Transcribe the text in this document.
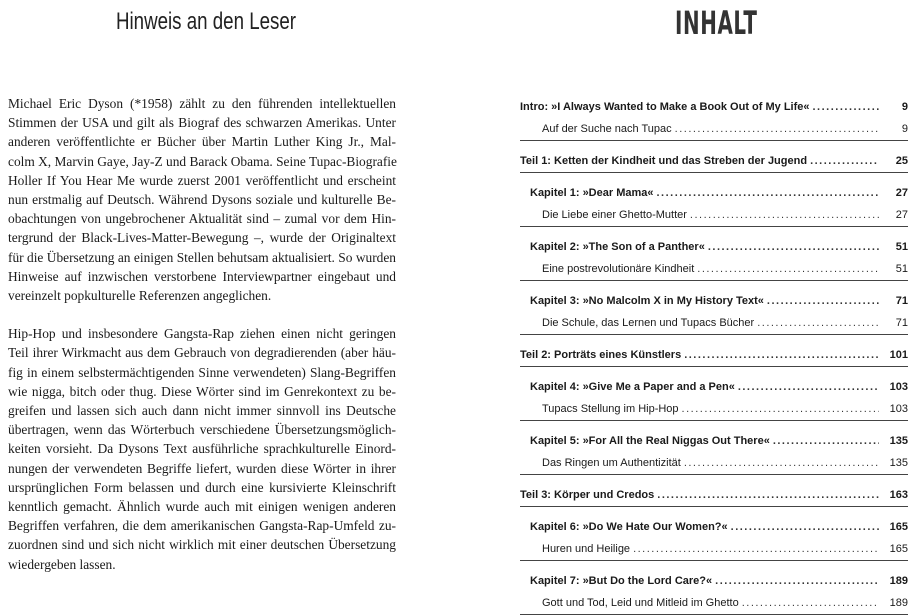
Hinweis an den Leser

Michael Eric Dyson (*1958) zählt zu den führenden intellektuellen
Stimmen der USA und gilt als Biograf des schwarzen Amerikas. Unter
anderen veröffentlichte er Bücher über Martin Luther King Jr., Mal-
colm X, Marvin Gaye, Jay-Z und Barack Obama. Seine Tupac-Biografie
Holler If You Hear Me wurde zuerst 2001 veröffentlicht und erscheint
nun erstmalig auf Deutsch. Während Dysons soziale und kulturelle Be-
obachtungen von ungebrochener Aktualität sind – zumal vor dem Hin-
tergrund der Black-Lives-Matter-Bewegung –, wurde der Originaltext
für die Übersetzung an einigen Stellen behutsam aktualisiert. So wurden
Hinweise auf inzwischen verstorbene Interviewpartner eingebaut und
vereinzelt popkulturelle Referenzen angeglichen.

Hip-Hop und insbesondere Gangsta-Rap ziehen einen nicht geringen
Teil ihrer Wirkmacht aus dem Gebrauch von degradierenden (aber häu-
fig in einem selbstermächtigenden Sinne verwendeten) Slang-Begriffen
wie nigga, bitch oder thug. Diese Wörter sind im Genrekontext zu be-
greifen und lassen sich auch dann nicht immer sinnvoll ins Deutsche
übertragen, wenn das Wörterbuch verschiedene Übersetzungsmöglich-
keiten vorsieht. Da Dysons Text ausführliche sprachkulturelle Einord-
nungen der verwendeten Begriffe liefert, wurden diese Wörter in ihrer
ursprünglichen Form belassen und durch eine kursivierte Kleinschrift
kenntlich gemacht. Ähnlich wurde auch mit einigen wenigen anderen
Begriffen verfahren, die dem amerikanischen Gangsta-Rap-Umfeld zu-
zuordnen sind und sich nicht wirklich mit einer deutschen Übersetzung
wiedergeben lassen.

INHALT
Intro: »I Always Wanted to Make a Book Out of My Life« .....	9
Auf der Suche nach Tupac .....	9
Teil 1: Ketten der Kindheit und das Streben der Jugend .....	25
Kapitel 1: »Dear Mama« .....	27
Die Liebe einer Ghetto-Mutter .....	27
Kapitel 2: »The Son of a Panther« .....	51
Eine postrevolutionäre Kindheit .....	51
Kapitel 3: »No Malcolm X in My History Text« .....	71
Die Schule, das Lernen und Tupacs Bücher .....	71
Teil 2: Porträts eines Künstlers .....	101
Kapitel 4: »Give Me a Paper and a Pen« .....	103
Tupacs Stellung im Hip-Hop .....	103
Kapitel 5: »For All the Real Niggas Out There« .....	135
Das Ringen um Authentizität .....	135
Teil 3: Körper und Credos .....	163
Kapitel 6: »Do We Hate Our Women?« .....	165
Huren und Heilige .....	165
Kapitel 7: »But Do the Lord Care?« .....	189
Gott und Tod, Leid und Mitleid im Ghetto .....	189
